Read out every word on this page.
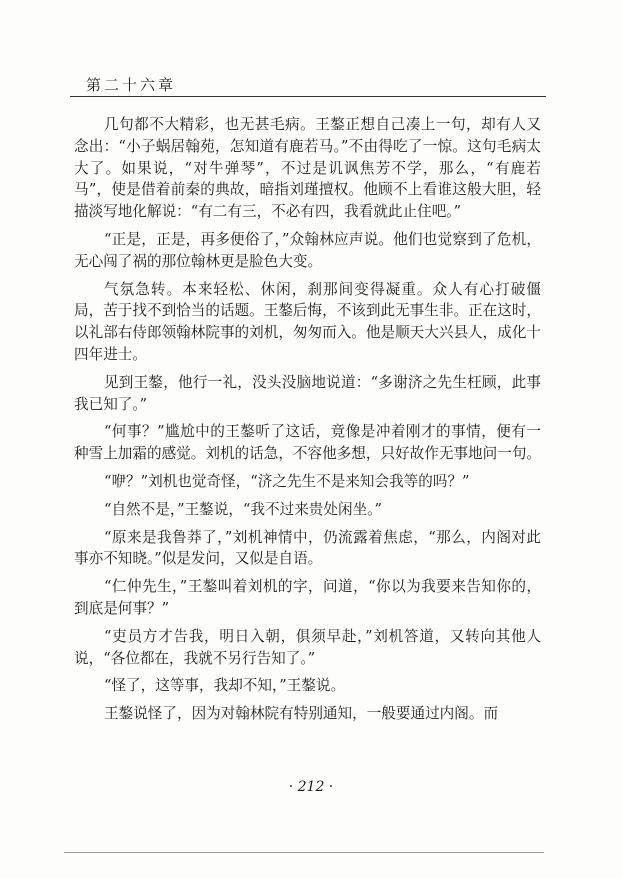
第二十六章

几句都不大精彩，也无甚毛病。王鏊正想自己凑上一句，却有人又念出：“小子蜗居翰苑，怎知道有鹿若马。”不由得吃了一惊。这句毛病太大了。如果说，“对牛弹琴”，不过是讥讽焦芳不学，那么，“有鹿若马”，使是借着前秦的典故，暗指刘瑾擅权。他顾不上看谁这般大胆，轻描淡写地化解说：“有二有三，不必有四，我看就此止住吧。”

“正是，正是，再多便俗了，”众翰林应声说。他们也觉察到了危机，无心闯了祸的那位翰林更是脸色大变。

气氛急转。本来轻松、休闲，刹那间变得凝重。众人有心打破僵局，苦于找不到恰当的话题。王鏊后悔，不该到此无事生非。正在这时，以礼部右侍郎领翰林院事的刘机，匆匆而入。他是顺天大兴县人，成化十四年进士。

见到王鏊，他行一礼，没头没脑地说道：“多谢济之先生枉顾，此事我已知了。”

“何事？”尴尬中的王鏊听了这话，竟像是冲着刚才的事情，便有一种雪上加霜的感觉。刘机的话急，不容他多想，只好故作无事地问一句。

“咿？”刘机也觉奇怪，“济之先生不是来知会我等的吗？”

“自然不是，”王鏊说，“我不过来贵处闲坐。”

“原来是我鲁莽了，”刘机神情中，仍流露着焦虑，“那么，内阁对此事亦不知晓。”似是发问，又似是自语。

“仁仲先生，”王鏊叫着刘机的字，问道，“你以为我要来告知你的，到底是何事？”

“吏员方才告我，明日入朝，俱须早赴，”刘机答道，又转向其他人说，“各位都在，我就不另行告知了。”

“怪了，这等事，我却不知，”王鏊说。

王鏊说怪了，因为对翰林院有特别通知，一般要通过内阁。而

· 212 ·
